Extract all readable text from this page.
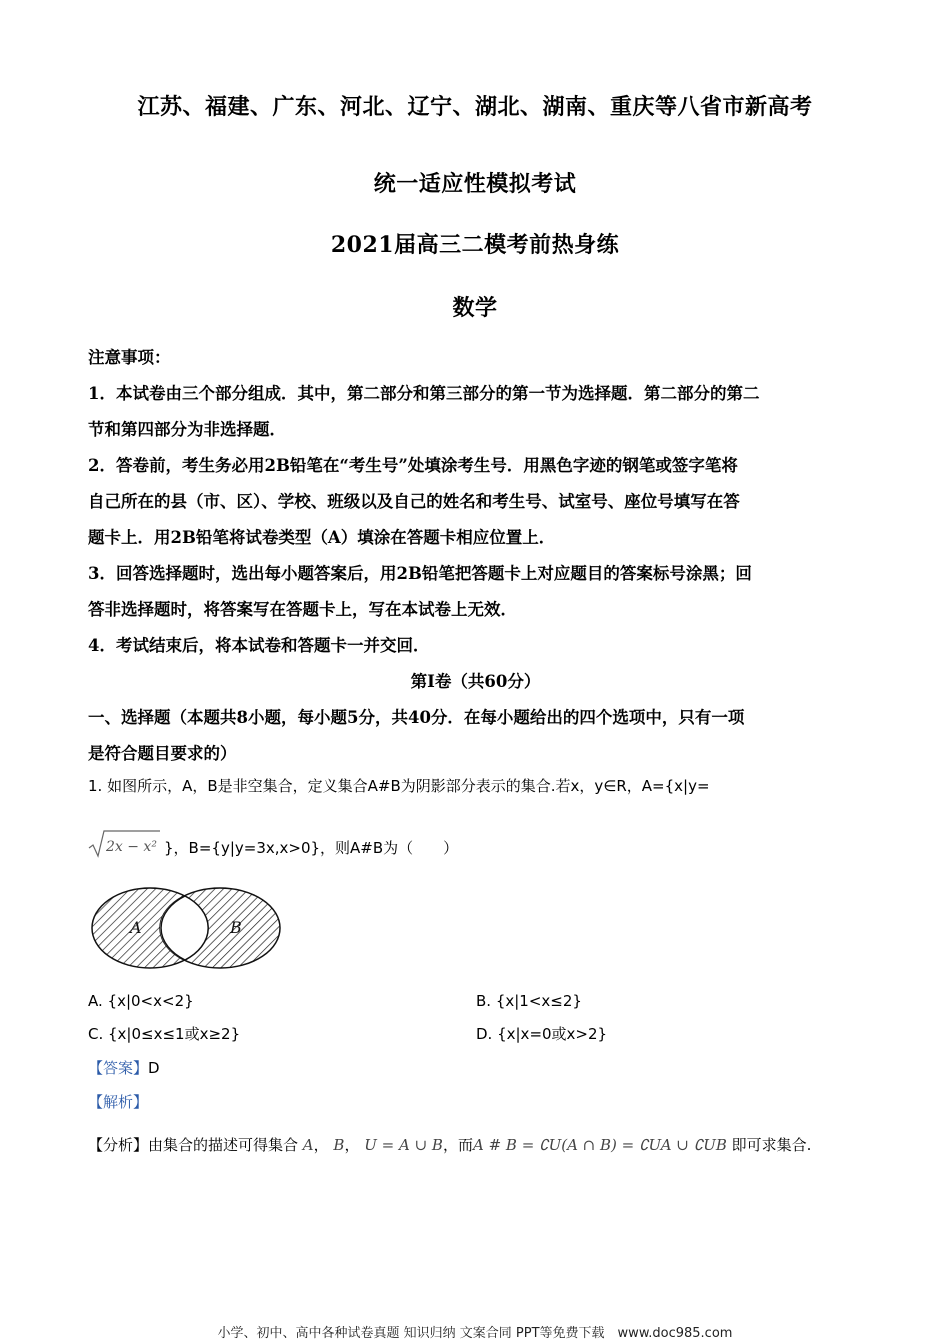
江苏、福建、广东、河北、辽宁、湖北、湖南、重庆等八省市新高考
统一适应性模拟考试
2021届高三二模考前热身练
数学
注意事项：
1．本试卷由三个部分组成．其中，第二部分和第三部分的第一节为选择题．第二部分的第二
节和第四部分为非选择题．
2．答卷前，考生务必用2B铅笔在“考生号”处填涂考生号．用黑色字迹的钢笔或签字笔将
自己所在的县（市、区）、学校、班级以及自己的姓名和考生号、试室号、座位号填写在答
题卡上．用2B铅笔将试卷类型（A）填涂在答题卡相应位置上．
3．回答选择题时，选出每小题答案后，用2B铅笔把答题卡上对应题目的答案标号涂黑；回
答非选择题时，将答案写在答题卡上，写在本试卷上无效．
4．考试结束后，将本试卷和答题卡一并交回．
第Ⅰ卷（共60分）
一、选择题（本题共8小题，每小题5分，共40分．在每小题给出的四个选项中，只有一项
是符合题目要求的）
1. 如图所示，A，B是非空集合，定义集合A#B为阴影部分表示的集合.若x，y∈R，A={x|y=
2x − x² }，B={y|y=3x,x>0}，则A#B为（　　）
A	B
A. {x|0<x<2}	B. {x|1<x≤2}
C. {x|0≤x≤1或x≥2}	D. {x|x=0或x>2}
【答案】D
【解析】
【分析】由集合的描述可得集合 A， B， U = A ∪ B，而A # B = ∁U(A ∩ B) = ∁UA ∪ ∁UB 即可求集合.
小学、初中、高中各种试卷真题 知识归纳 文案合同 PPT等免费下载　www.doc985.com
